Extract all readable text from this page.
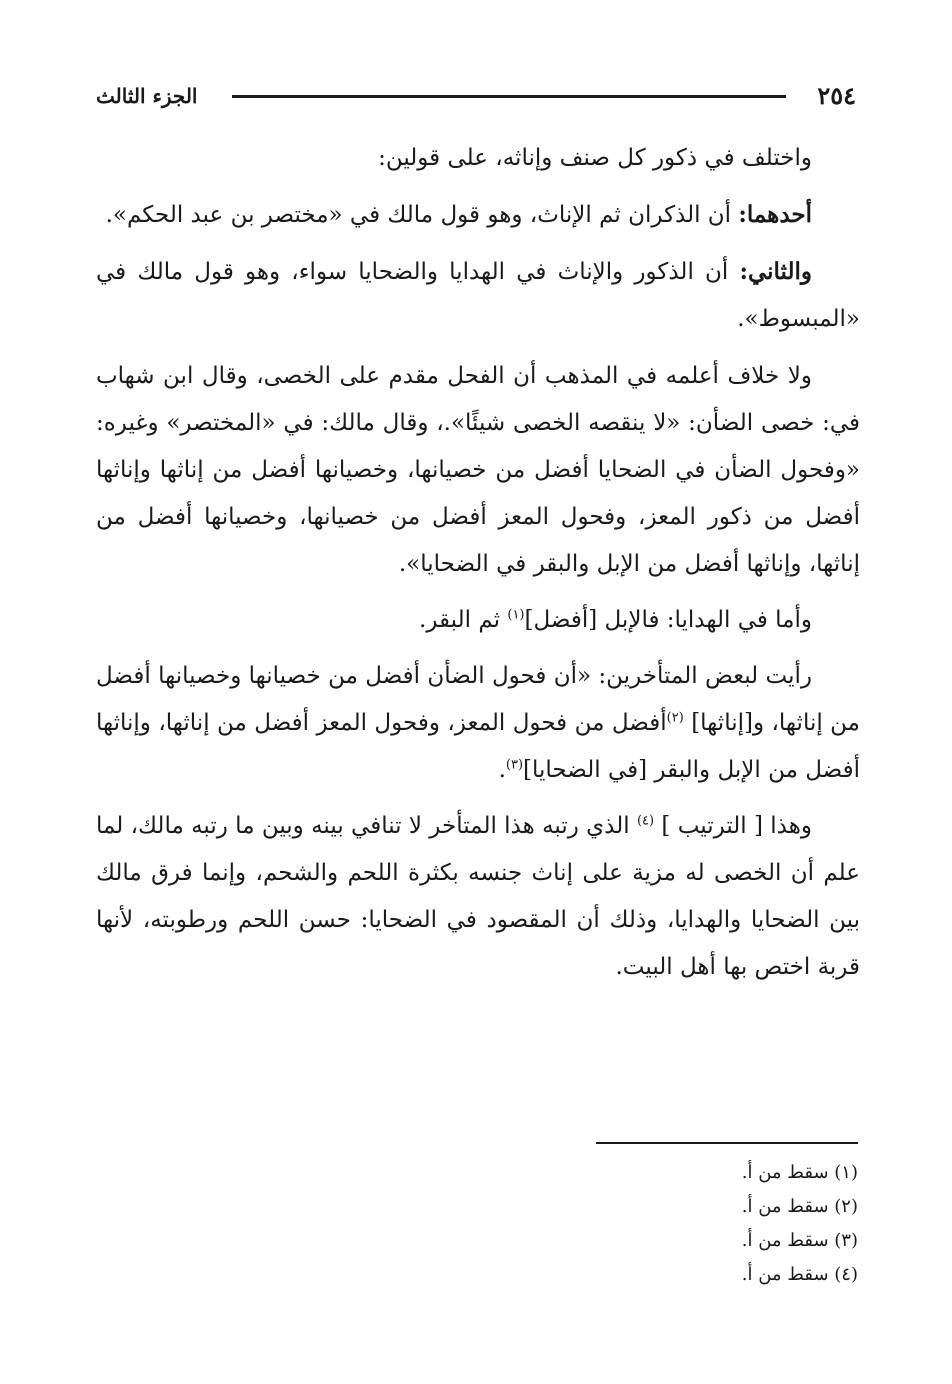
٢٥٤
الجزء الثالث

واختلف في ذكور كل صنف وإناثه، على قولين:

أحدهما: أن الذكران ثم الإناث، وهو قول مالك في «مختصر بن عبد الحكم».

والثاني: أن الذكور والإناث في الهدايا والضحايا سواء، وهو قول مالك في «المبسوط».

ولا خلاف أعلمه في المذهب أن الفحل مقدم على الخصى، وقال ابن شهاب في: خصى الضأن: «لا ينقصه الخصى شيئًا».، وقال مالك: في «المختصر» وغيره: «وفحول الضأن في الضحايا أفضل من خصيانها، وخصيانها أفضل من إناثها وإناثها أفضل من ذكور المعز، وفحول المعز أفضل من خصيانها، وخصيانها أفضل من إناثها، وإناثها أفضل من الإبل والبقر في الضحايا».

وأما في الهدايا: فالإبل [أفضل]$^{(١)}$ ثم البقر.

رأيت لبعض المتأخرين: «أن فحول الضأن أفضل من خصيانها وخصيانها أفضل من إناثها، و[إناثها] $^{(٢)}$أفضل من فحول المعز، وفحول المعز أفضل من إناثها، وإناثها أفضل من الإبل والبقر [في الضحايا]$^{(٣)}$.

وهذا [ الترتيب ] $^{(٤)}$ الذي رتبه هذا المتأخر لا تنافي بينه وبين ما رتبه مالك، لما علم أن الخصى له مزية على إناث جنسه بكثرة اللحم والشحم، وإنما فرق مالك بين الضحايا والهدايا، وذلك أن المقصود في الضحايا: حسن اللحم ورطوبته، لأنها قربة اختص بها أهل البيت.

(١) سقط من أ.
(٢) سقط من أ.
(٣) سقط من أ.
(٤) سقط من أ.
